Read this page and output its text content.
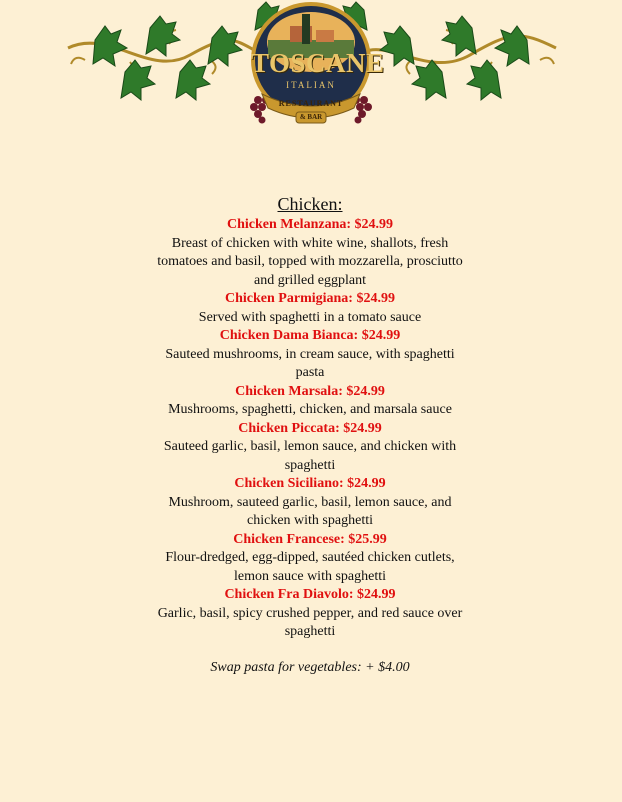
TOSCANE
ITALIAN
RESTAURANT
& BAR
Chicken:
Chicken Melanzana: $24.99
Breast of chicken with white wine, shallots, fresh tomatoes and basil, topped with mozzarella, prosciutto and grilled eggplant
Chicken Parmigiana: $24.99
Served with spaghetti in a tomato sauce
Chicken Dama Bianca: $24.99
Sauteed mushrooms, in cream sauce, with spaghetti pasta
Chicken Marsala: $24.99
Mushrooms, spaghetti, chicken, and marsala sauce
Chicken Piccata: $24.99
Sauteed garlic, basil, lemon sauce, and chicken with spaghetti
Chicken Siciliano: $24.99
Mushroom, sauteed garlic, basil, lemon sauce, and chicken with spaghetti
Chicken Francese: $25.99
Flour-dredged, egg-dipped, sautéed chicken cutlets, lemon sauce with spaghetti
Chicken Fra Diavolo: $24.99
Garlic, basil, spicy crushed pepper, and red sauce over spaghetti
Swap pasta for vegetables: + $4.00
